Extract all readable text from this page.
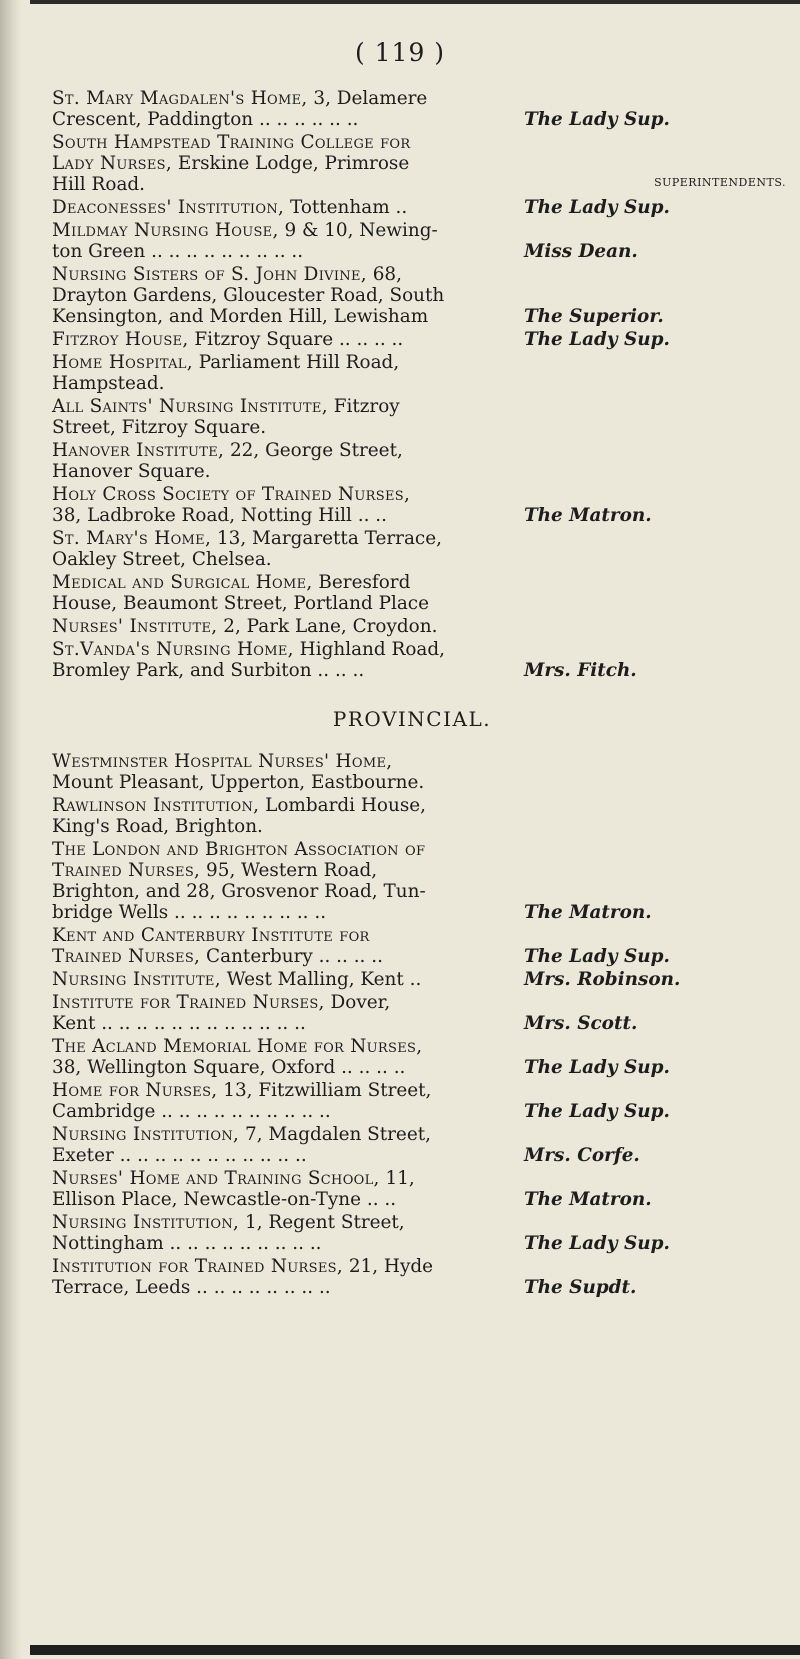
( 119 )
SUPERINTENDENTS.
St. Mary Magdalen's Home, 3, Delamere
Crescent, Paddington .. .. .. .. .. ..	The Lady Sup.
South Hampstead Training College for
Lady Nurses, Erskine Lodge, Primrose
Hill Road.
Deaconesses' Institution, Tottenham ..	The Lady Sup.
Mildmay Nursing House, 9 & 10, Newing-
ton Green .. .. .. .. .. .. .. .. ..	Miss Dean.
Nursing Sisters of S. John Divine, 68,
Drayton Gardens, Gloucester Road, South
Kensington, and Morden Hill, Lewisham	The Superior.
Fitzroy House, Fitzroy Square .. .. .. ..	The Lady Sup.
Home Hospital, Parliament Hill Road,
Hampstead.
All Saints' Nursing Institute, Fitzroy
Street, Fitzroy Square.
Hanover Institute, 22, George Street,
Hanover Square.
Holy Cross Society of Trained Nurses,
38, Ladbroke Road, Notting Hill .. ..	The Matron.
St. Mary's Home, 13, Margaretta Terrace,
Oakley Street, Chelsea.
Medical and Surgical Home, Beresford
House, Beaumont Street, Portland Place
Nurses' Institute, 2, Park Lane, Croydon.
St.Vanda's Nursing Home, Highland Road,
Bromley Park, and Surbiton .. .. ..	Mrs. Fitch.
PROVINCIAL.
Westminster Hospital Nurses' Home,
Mount Pleasant, Upperton, Eastbourne.
Rawlinson Institution, Lombardi House,
King's Road, Brighton.
The London and Brighton Association of
Trained Nurses, 95, Western Road,
Brighton, and 28, Grosvenor Road, Tun-
bridge Wells .. .. .. .. .. .. .. .. ..	The Matron.
Kent and Canterbury Institute for
Trained Nurses, Canterbury .. .. .. ..	The Lady Sup.
Nursing Institute, West Malling, Kent ..	Mrs. Robinson.
Institute for Trained Nurses, Dover,
Kent .. .. .. .. .. .. .. .. .. .. .. ..	Mrs. Scott.
The Acland Memorial Home for Nurses,
38, Wellington Square, Oxford .. .. .. ..	The Lady Sup.
Home for Nurses, 13, Fitzwilliam Street,
Cambridge .. .. .. .. .. .. .. .. .. ..	The Lady Sup.
Nursing Institution, 7, Magdalen Street,
Exeter .. .. .. .. .. .. .. .. .. .. ..	Mrs. Corfe.
Nurses' Home and Training School, 11,
Ellison Place, Newcastle-on-Tyne .. ..	The Matron.
Nursing Institution, 1, Regent Street,
Nottingham .. .. .. .. .. .. .. .. ..	The Lady Sup.
Institution for Trained Nurses, 21, Hyde
Terrace, Leeds .. .. .. .. .. .. .. ..	The Supdt.
